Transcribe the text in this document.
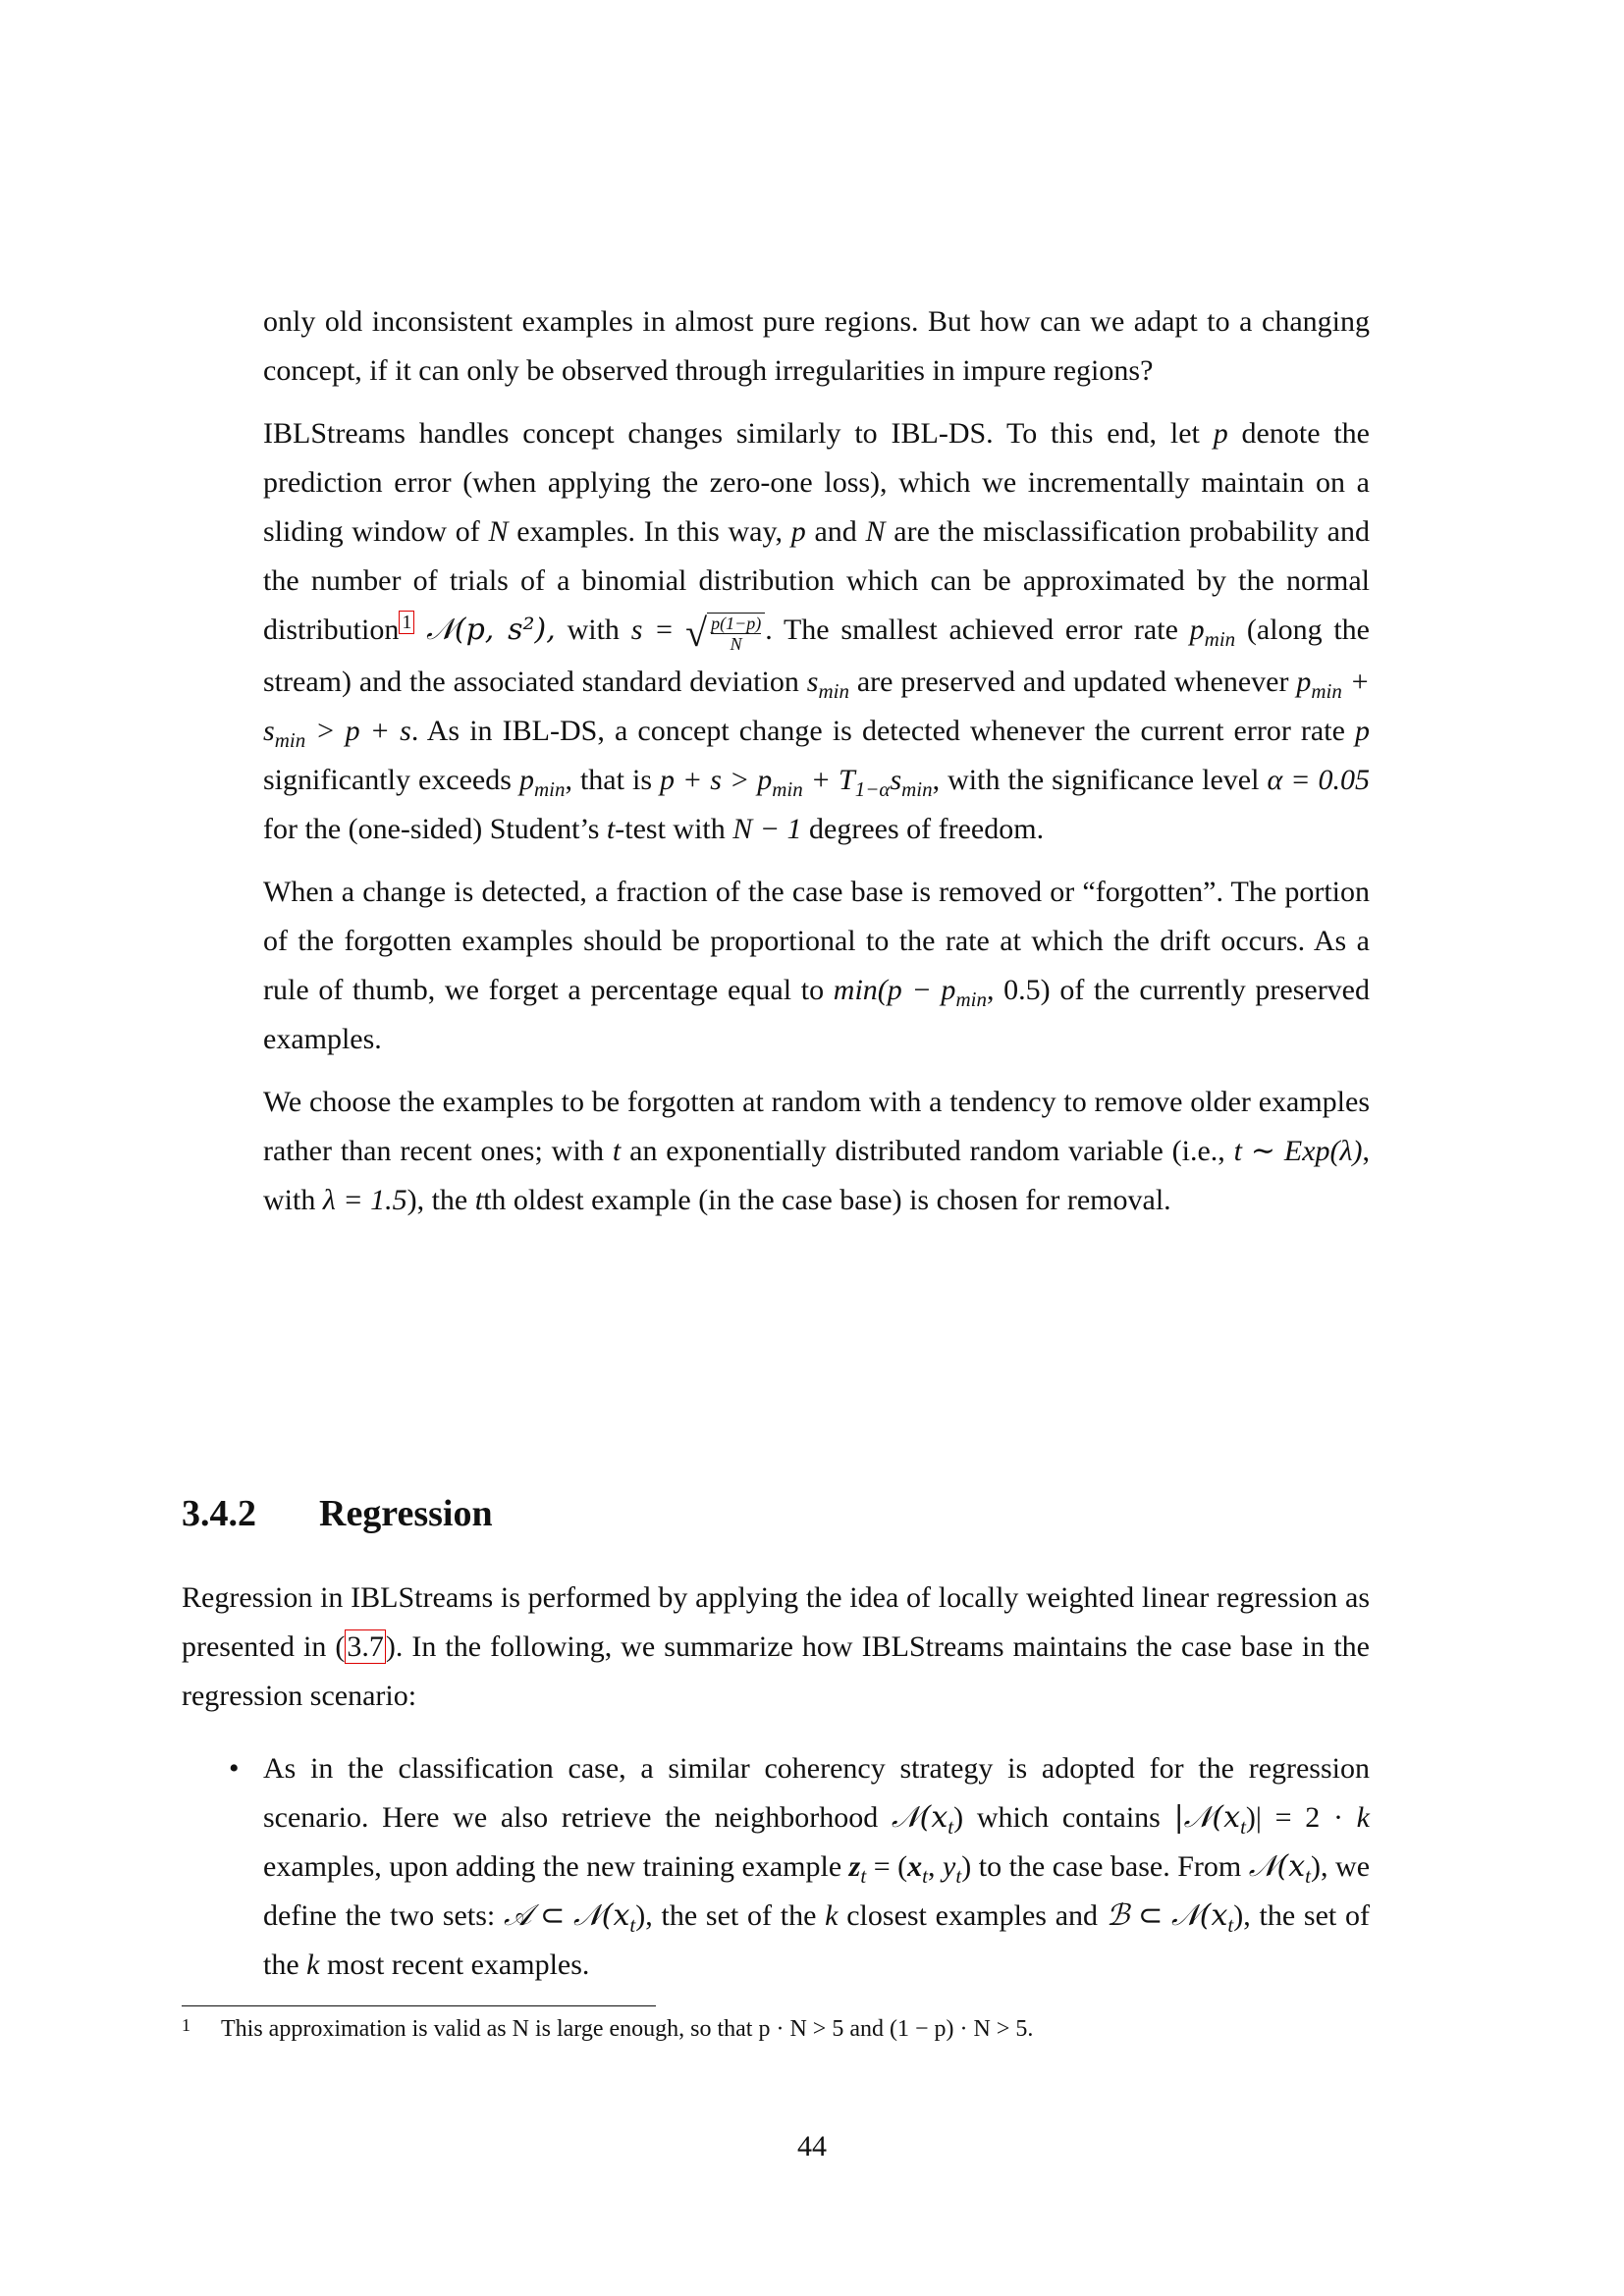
only old inconsistent examples in almost pure regions. But how can we adapt to a changing concept, if it can only be observed through irregularities in impure regions?

IBLStreams handles concept changes similarly to IBL-DS. To this end, let p denote the prediction error (when applying the zero-one loss), which we incrementally maintain on a sliding window of N examples. In this way, p and N are the misclassification probability and the number of trials of a binomial distribution which can be approximated by the normal distribution $^1$ 𝒩(p, s²), with s = √ $\frac{p(1-p)}{N}$ . The smallest achieved error rate $p_{min}$ (along the stream) and the associated standard deviation $s_{min}$ are preserved and updated whenever $p_{min} + s_{min} > p + s$. As in IBL-DS, a concept change is detected whenever the current error rate p significantly exceeds $p_{min}$, that is $p + s > p_{min} + T_{1-\alpha}s_{min}$, with the significance level α = 0.05 for the (one-sided) Student’s t-test with N − 1 degrees of freedom.

When a change is detected, a fraction of the case base is removed or “forgotten”. The portion of the forgotten examples should be proportional to the rate at which the drift occurs. As a rule of thumb, we forget a percentage equal to $\min(p - p_{min}$, 0.5) of the currently preserved examples.

We choose the examples to be forgotten at random with a tendency to remove older examples rather than recent ones; with t an exponentially distributed random variable (i.e., t ∼ Exp(λ), with λ = 1.5), the tth oldest example (in the case base) is chosen for removal.

3.4.2 Regression

Regression in IBLStreams is performed by applying the idea of locally weighted linear regression as presented in (3.7). In the following, we summarize how IBLStreams maintains the case base in the regression scenario:

• As in the classification case, a similar coherency strategy is adopted for the regression scenario. Here we also retrieve the neighborhood $𝒩(x_t)$ which contains $|𝒩(x_t)| = 2 \cdot k$ examples, upon adding the new training example $z_t = (x_t$, $y_t$) to the case base. From $𝒩(x_t)$, we define the two sets: 𝒜 ⊂ $𝒩(x_t)$, the set of the k closest examples and ℬ ⊂ $𝒩(x_t)$, the set of the k most recent examples.
1 This approximation is valid as N is large enough, so that p · N > 5 and (1 − p) · N > 5.
44
